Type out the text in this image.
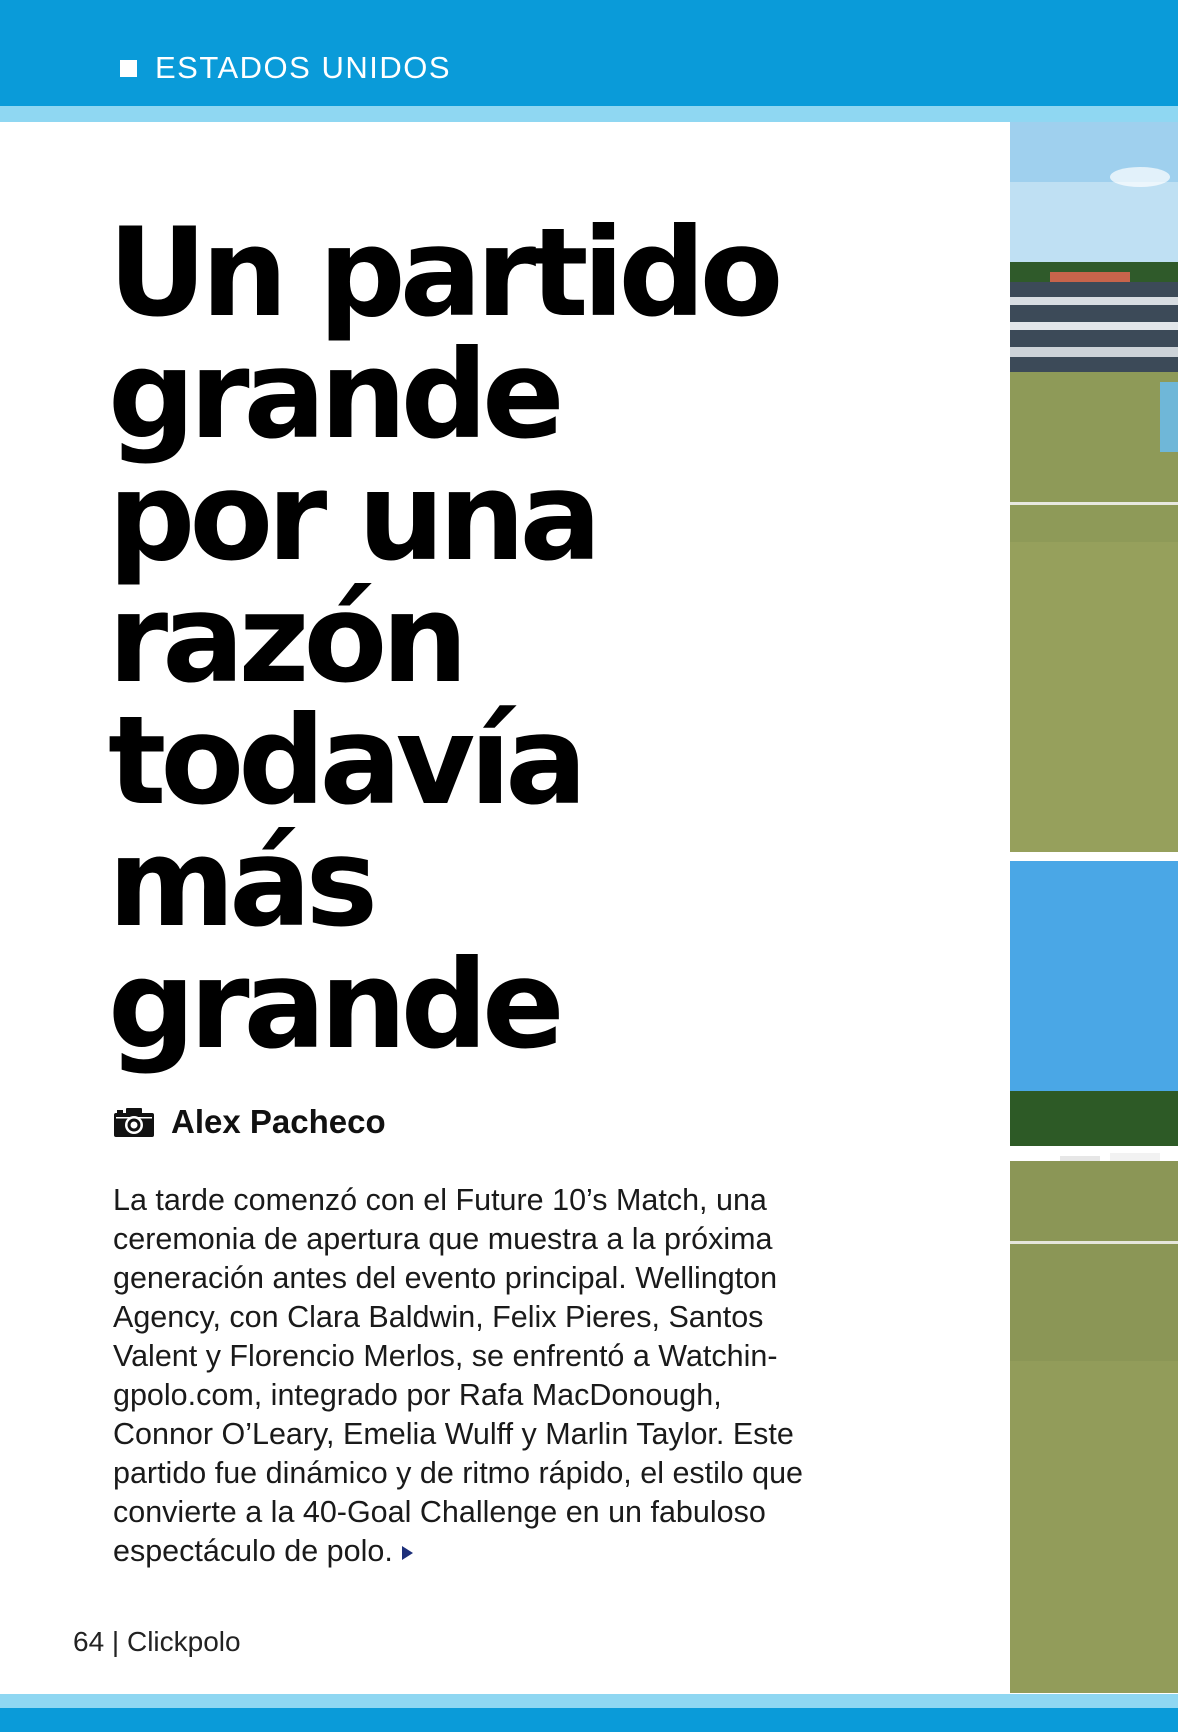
ESTADOS UNIDOS
Un partido
grande
por una
razón
todavía
más
grande
Alex Pacheco
La tarde comenzó con el Future 10’s Match, una
ceremonia de apertura que muestra a la próxima
generación antes del evento principal. Wellington
Agency, con Clara Baldwin, Felix Pieres, Santos
Valent y Florencio Merlos, se enfrentó a Watchin-
gpolo.com, integrado por Rafa MacDonough,
Connor O’Leary, Emelia Wulff y Marlin Taylor. Este
partido fue dinámico y de ritmo rápido, el estilo que
convierte a la 40-Goal Challenge en un fabuloso
espectáculo de polo.
64 | Clickpolo
